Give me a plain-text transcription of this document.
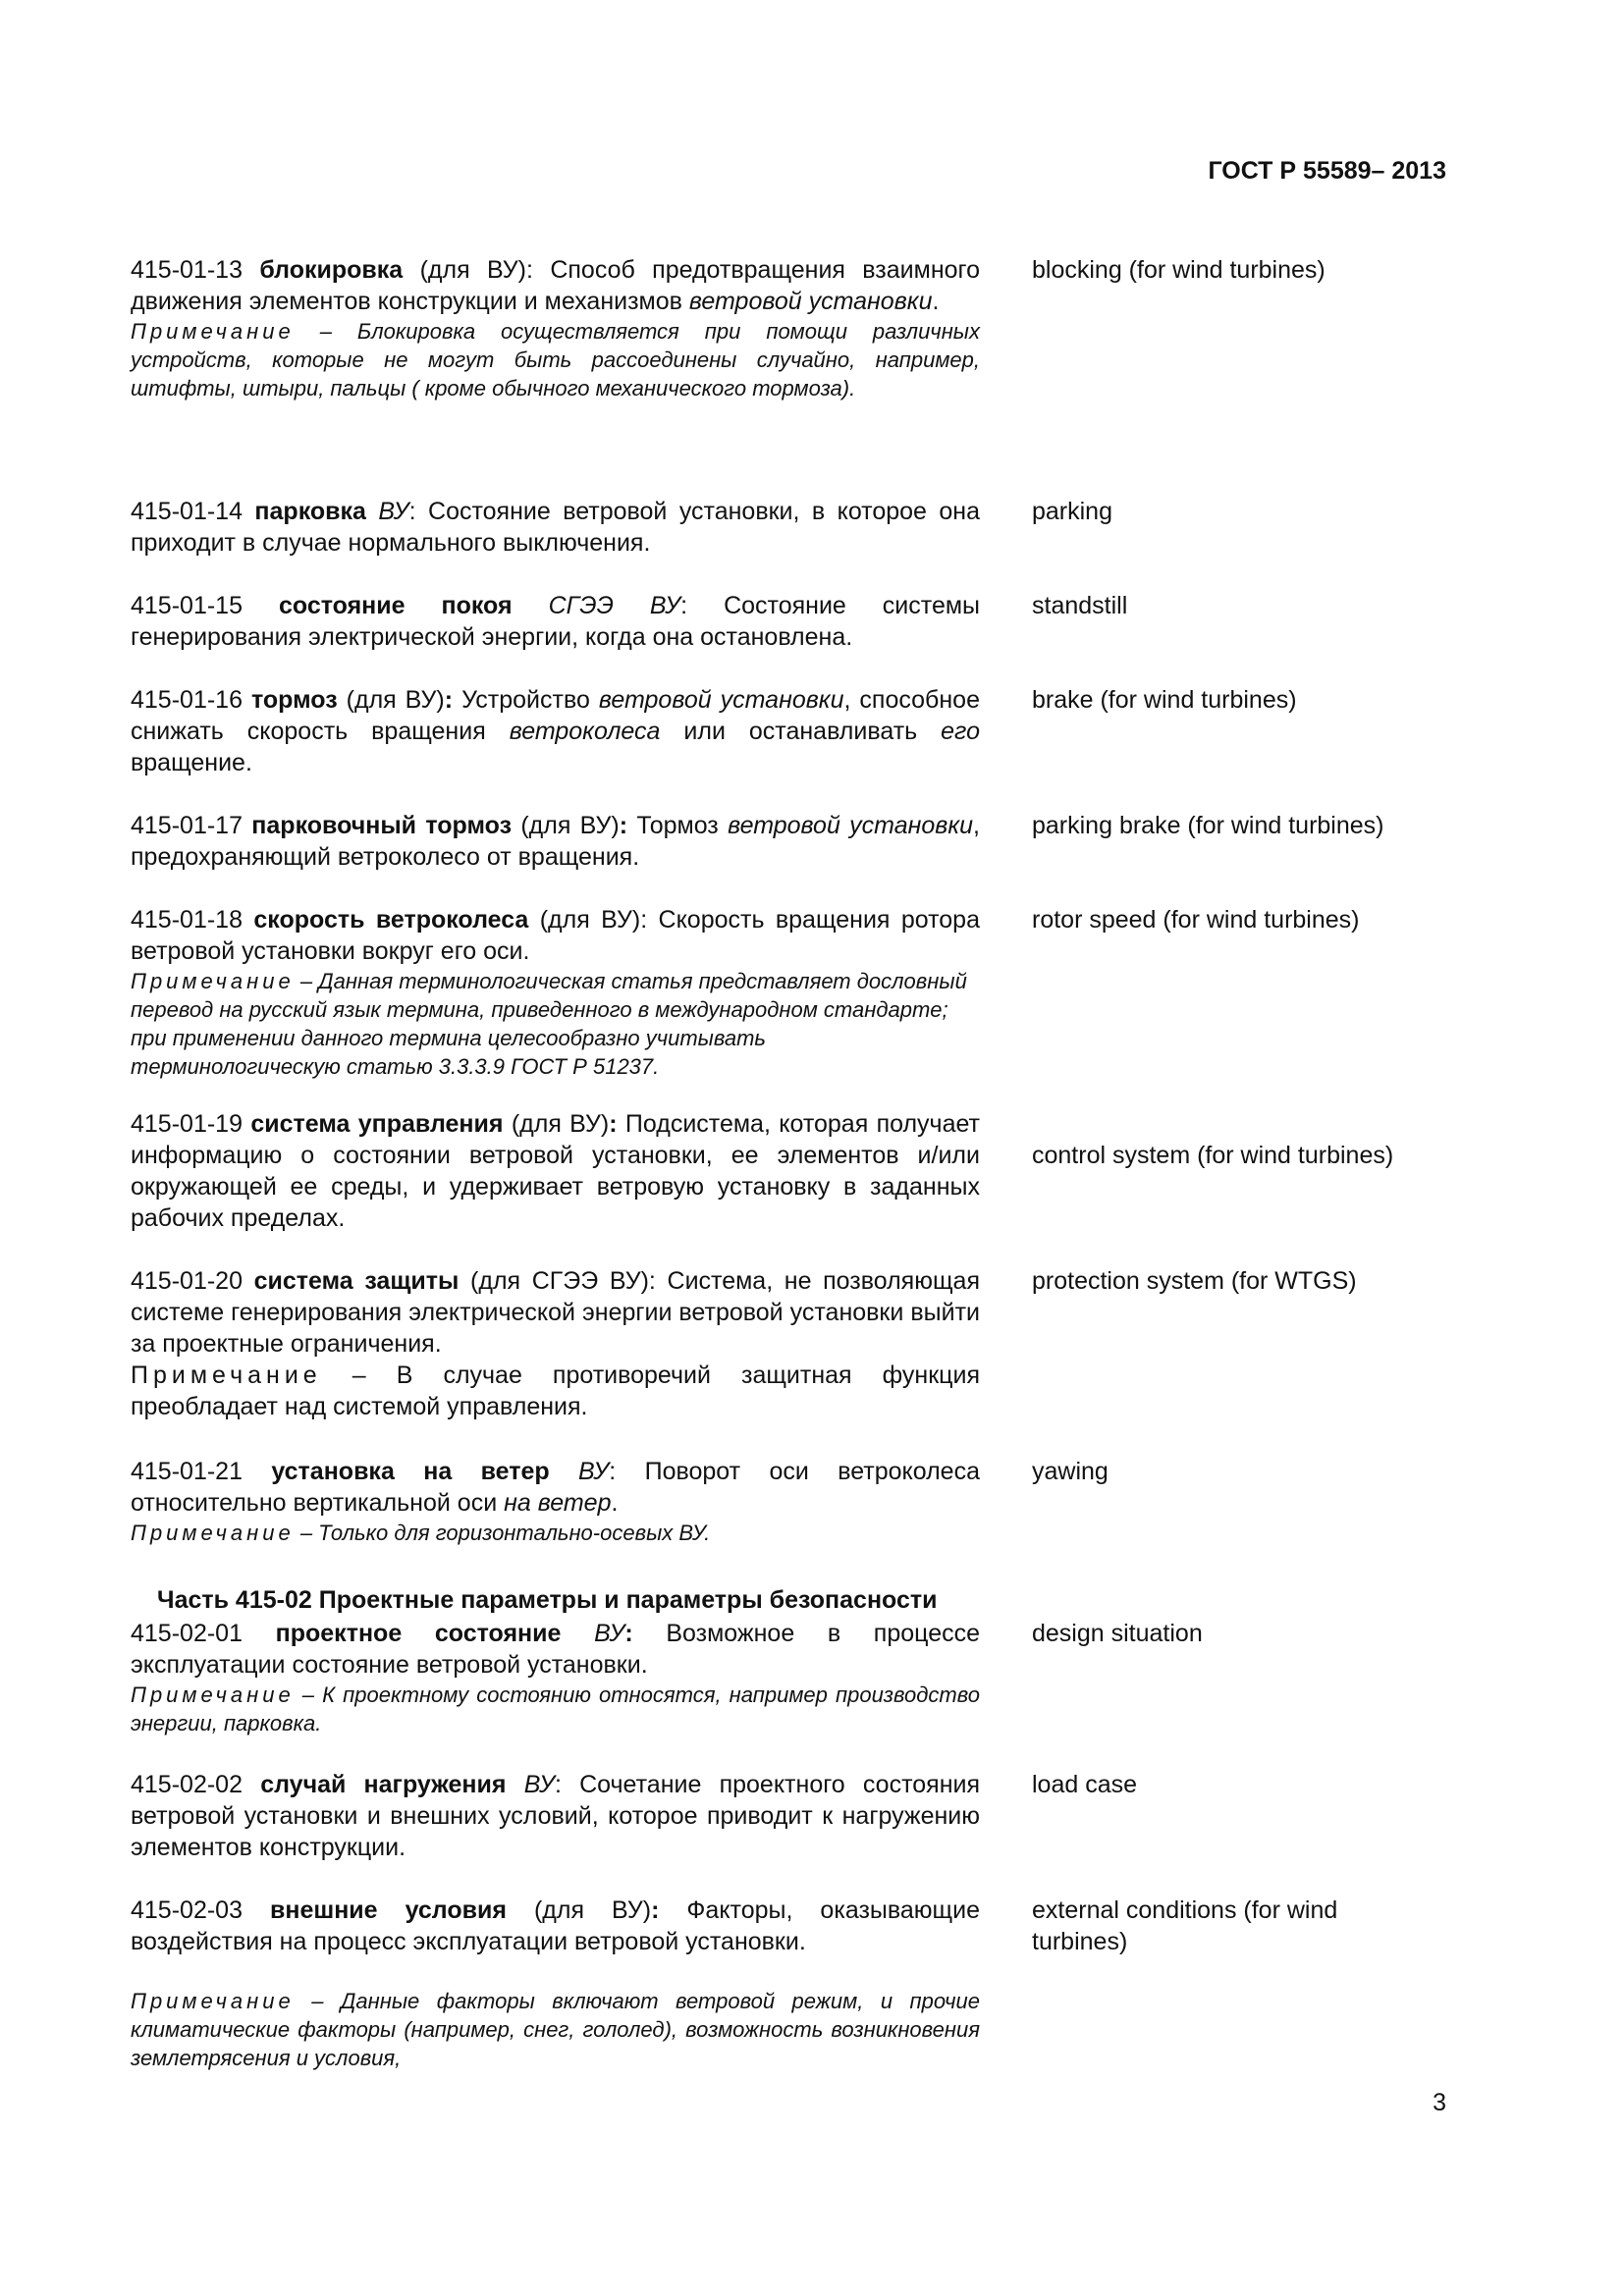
ГОСТ Р 55589– 2013
415-01-13 блокировка (для ВУ): Способ предотвращения взаимного движения элементов конструкции и механизмов ветровой установки.
Примечание – Блокировка осуществляется при помощи различных устройств, которые не могут быть рассоединены случайно, например, штифты, штыри, пальцы ( кроме обычного механического тормоза).
blocking (for wind turbines)
415-01-14 парковка ВУ: Состояние ветровой установки, в которое она приходит в случае нормального выключения.
parking
415-01-15 состояние покоя СГЭЭ ВУ: Состояние системы генерирования электрической энергии, когда она остановлена.
standstill
415-01-16 тормоз (для ВУ): Устройство ветровой установки, способное снижать скорость вращения ветроколеса или останавливать его вращение.
brake (for wind turbines)
415-01-17 парковочный тормоз (для ВУ): Тормоз ветровой установки, предохраняющий ветроколесо от вращения.
parking brake (for wind turbines)
415-01-18 скорость ветроколеса (для ВУ): Скорость вращения ротора ветровой установки вокруг его оси.
Примечание – Данная терминологическая статья представляет дословный перевод на русский язык термина, приведенного в международном стандарте; при применении данного термина целесообразно учитывать терминологическую статью 3.3.3.9 ГОСТ Р 51237.
rotor speed (for wind turbines)
415-01-19 система управления (для ВУ): Подсистема, которая получает информацию о состоянии ветровой установки, ее элементов и/или окружающей ее среды, и удерживает ветровую установку в заданных рабочих пределах.
control system (for wind turbines)
415-01-20 система защиты (для СГЭЭ ВУ): Система, не позволяющая системе генерирования электрической энергии ветровой установки выйти за проектные ограничения.
Примечание – В случае противоречий защитная функция преобладает над системой управления.
protection system (for WTGS)
415-01-21 установка на ветер ВУ: Поворот оси ветроколеса относительно вертикальной оси на ветер.
Примечание – Только для горизонтально-осевых ВУ.
yawing
Часть 415-02 Проектные параметры и параметры безопасности
415-02-01 проектное состояние ВУ: Возможное в процессе эксплуатации состояние ветровой установки.
Примечание – К проектному состоянию относятся, например производство энергии, парковка.
design situation
415-02-02 случай нагружения ВУ: Сочетание проектного состояния ветровой установки и внешних условий, которое приводит к нагружению элементов конструкции.
load case
415-02-03 внешние условия (для ВУ): Факторы, оказывающие воздействия на процесс эксплуатации ветровой установки.
Примечание – Данные факторы включают ветровой режим, и прочие климатические факторы (например, снег, гололед), возможность возникновения землетрясения и условия,
external conditions (for wind turbines)
3
